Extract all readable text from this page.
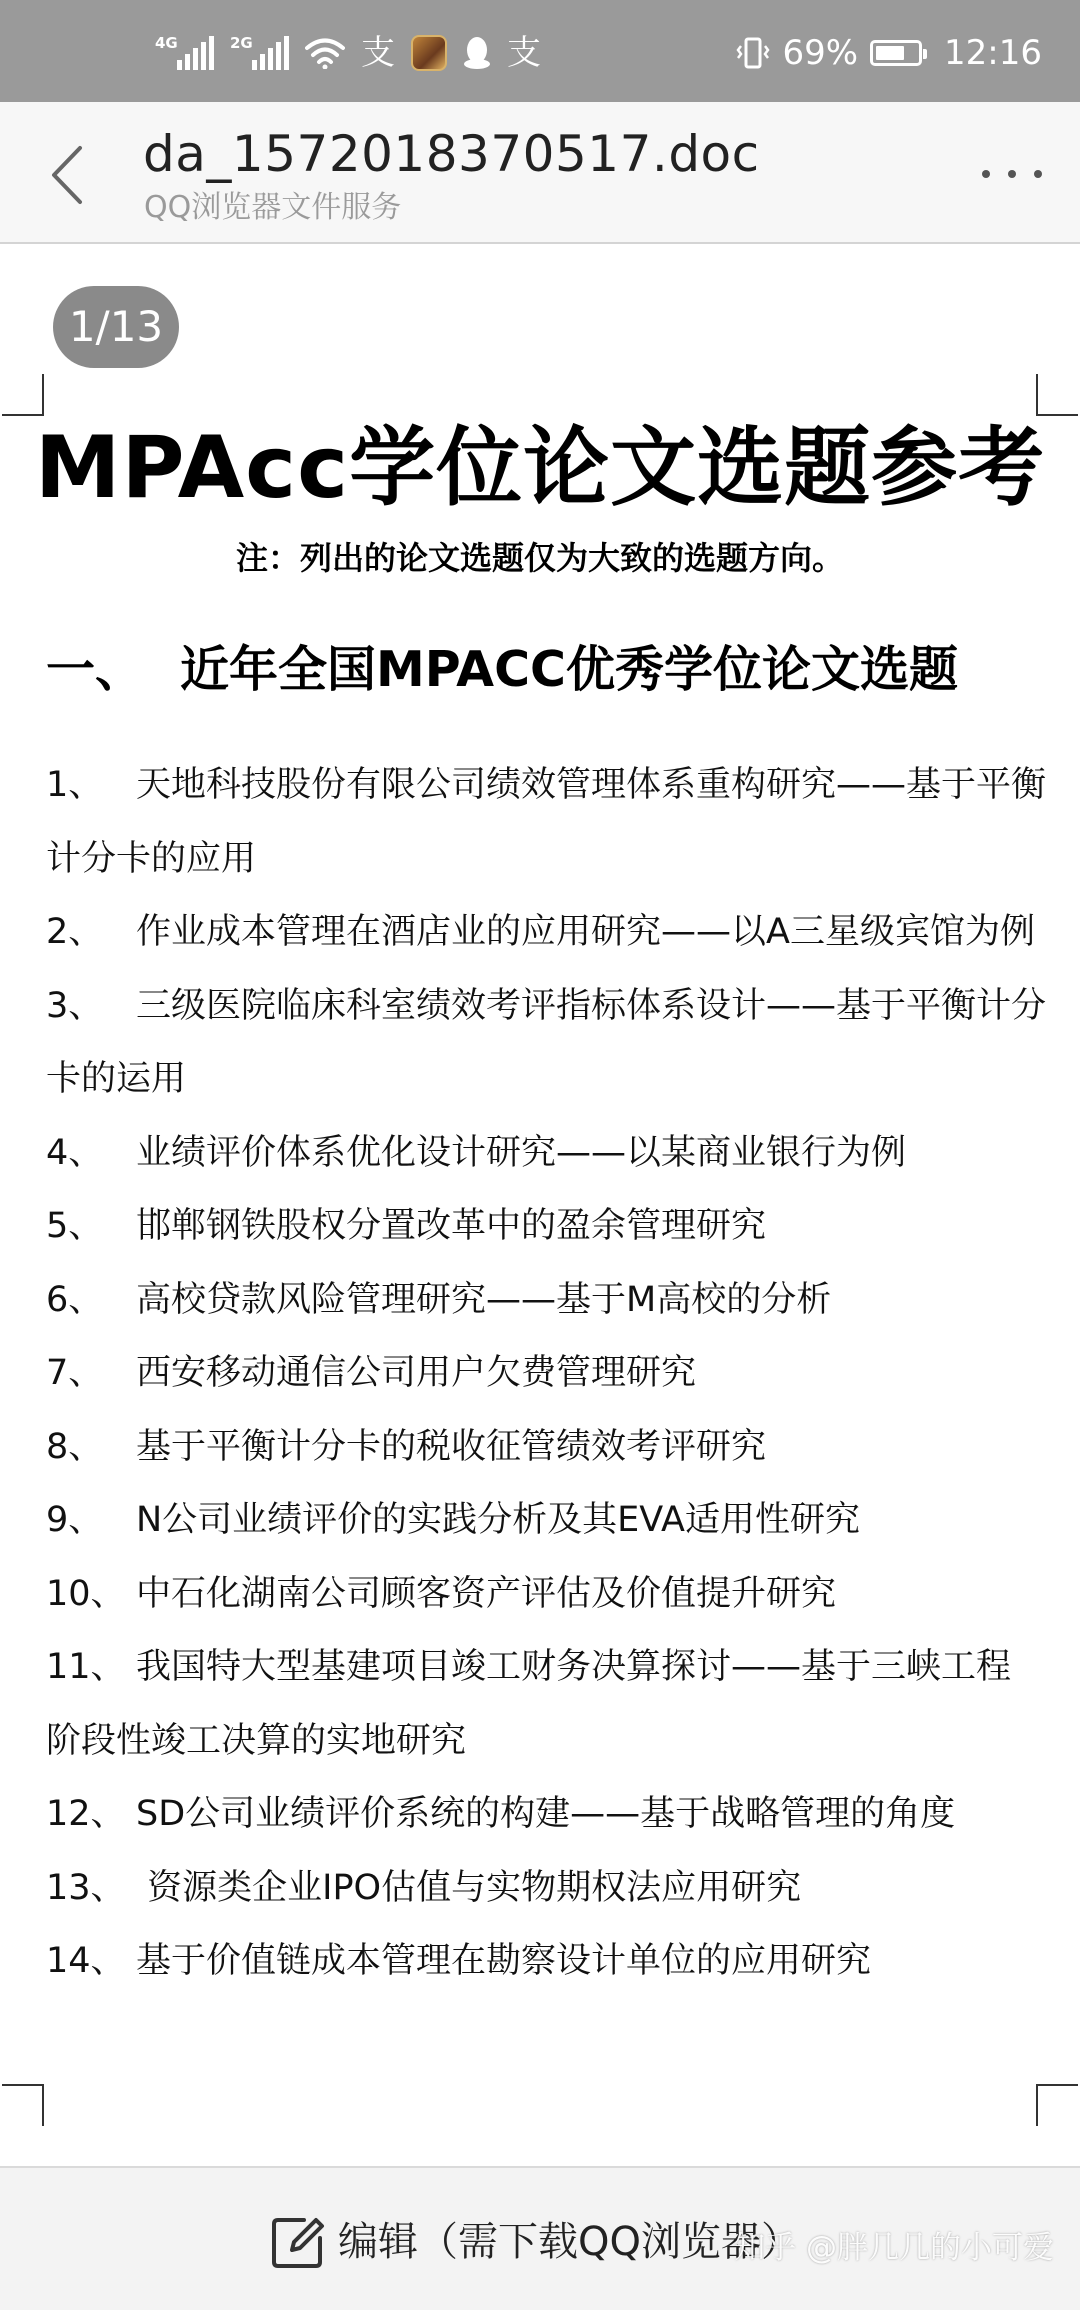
4G	2G	支	支	69%	12:16
da_1572018370517.doc
QQ浏览器文件服务
1/13
MPAcc学位论文选题参考
注：列出的论文选题仅为大致的选题方向。
一、 近年全国MPACC优秀学位论文选题

1、 天地科技股份有限公司绩效管理体系重构研究——基于平衡计分卡的应用

2、 作业成本管理在酒店业的应用研究——以A三星级宾馆为例

3、 三级医院临床科室绩效考评指标体系设计——基于平衡计分卡的运用

4、 业绩评价体系优化设计研究——以某商业银行为例

5、 邯郸钢铁股权分置改革中的盈余管理研究

6、 高校贷款风险管理研究——基于M高校的分析

7、 西安移动通信公司用户欠费管理研究

8、 基于平衡计分卡的税收征管绩效考评研究

9、 N公司业绩评价的实践分析及其EVA适用性研究

10、 中石化湖南公司顾客资产评估及价值提升研究

11、 我国特大型基建项目竣工财务决算探讨——基于三峡工程 阶段性竣工决算的实地研究

12、 SD公司业绩评价系统的构建——基于战略管理的角度

13、 资源类企业IPO估值与实物期权法应用研究

14、 基于价值链成本管理在勘察设计单位的应用研究

编辑（需下载QQ浏览器）
知乎 @胖几几的小可爱
